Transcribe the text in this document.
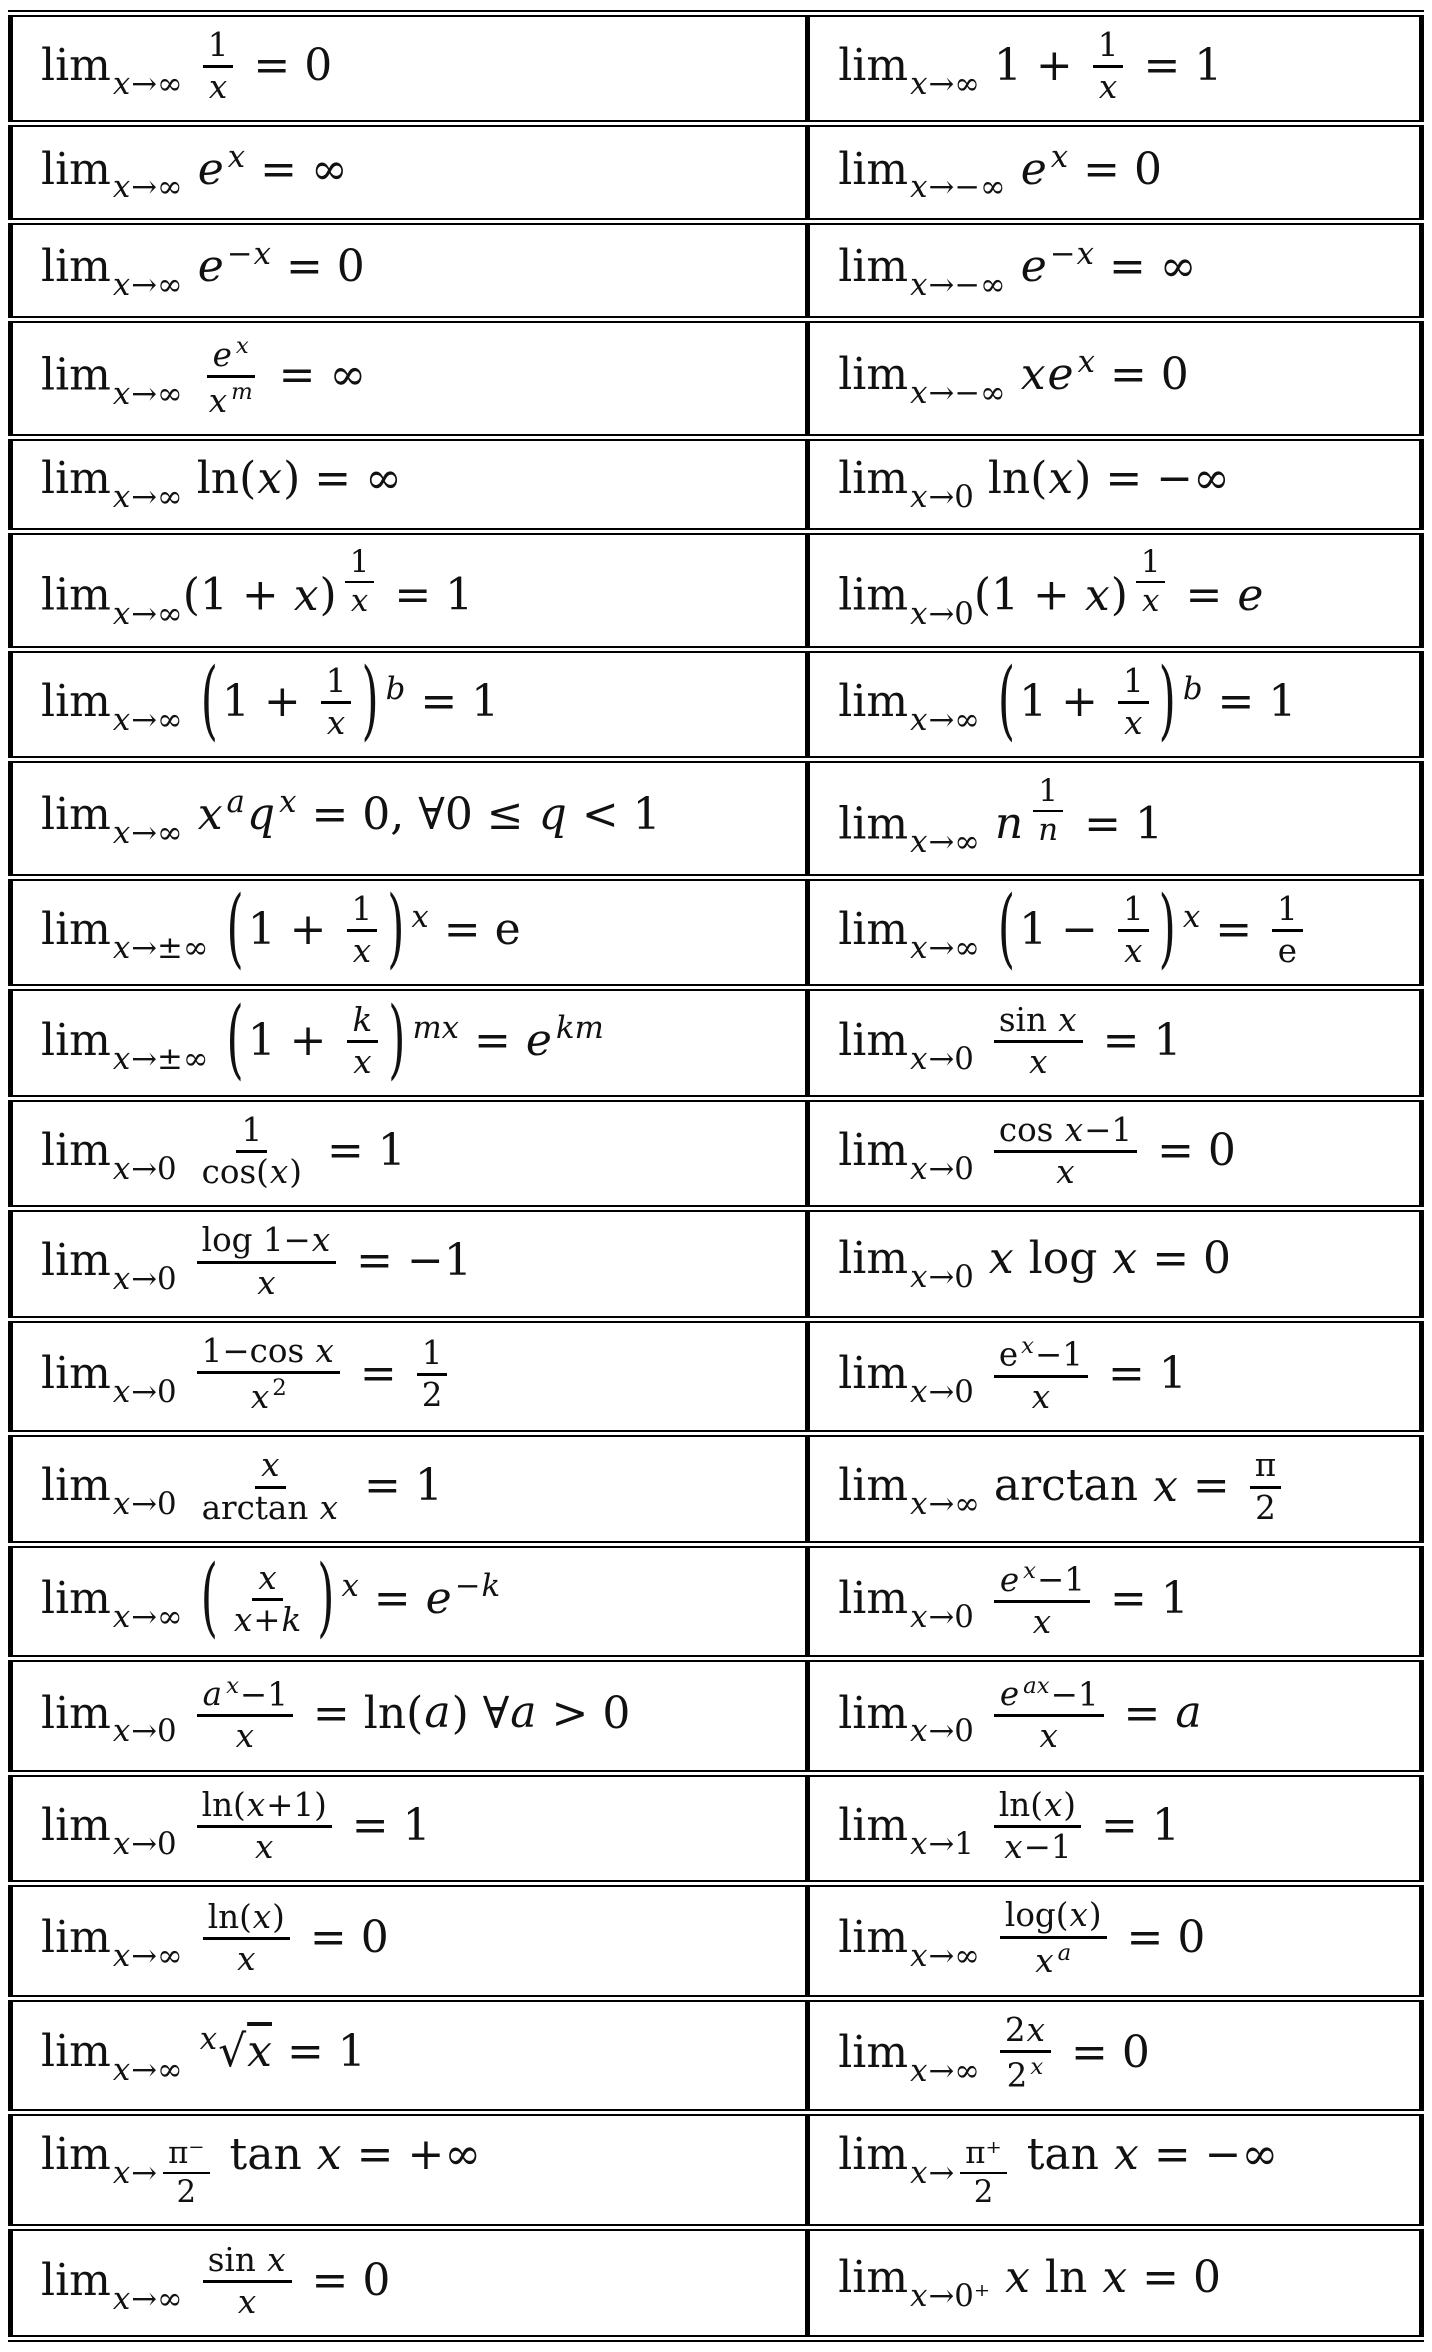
$\lim_{x\to\infty} \frac{1}{x} = 0$	$\lim_{x\to\infty} 1 + \frac{1}{x} = 1$
$\lim_{x\to\infty} e$ $^x$ = ∞	$\lim_{x\to-\infty} e$ $^x$ = 0
$\lim_{x\to\infty} e^{-x} = 0$	$\lim_{x\to-\infty} e^{-x}$ = ∞
$\lim_{x\to\infty} \frac{e ^x}{x ^m}$ = ∞	$\lim_{x\to-\infty}$ xe $^x$ = 0
$\lim_{x\to\infty} \ln(x)$ = ∞	$\lim_{x\to 0} \ln(x)$ = −∞
$\lim_{x\to\infty}(1 + x) ^{\frac{1}{x}} = 1$	$\lim_{x\to 0}(1 + x) ^{\frac{1}{x}} = e$
$\lim_{x\to\infty} (1 + \frac{1}{x}$ ) $^b$ = 1	$\lim_{x\to\infty} (1 + \frac{1}{x}$ ) $^b$ = 1
$\lim_{x\to\infty} x$ $^a$q $^x$ = 0, ∀0 ≤ q < 1	$\lim_{x\to\infty} n$ $^{\frac{1}{n}}$ = 1
$\lim_{x\to\pm\infty} (1 + \frac{1}{x}$ ) $^x$ = e	$\lim_{x\to\infty} (1 - \frac{1}{x}$ ) $^x = \frac{1}{e}$

$\lim_{x\to\pm\infty} (1 + \frac{k}{x}$ ) $^{mx}$ = e $^{km}$	$\lim_{x\to 0} \frac{\text{sin x}}{x} = 1$
$\lim_{x\to 0} \frac{1}{\cos(x)} = 1$	$\lim_{x\to 0} \frac{\text{cos x−1}}{x} = 0$
$\lim_{x\to 0} \frac{\log 1-x}{x} = -1$	$\lim_{x\to 0} x$ log x = 0
$\lim_{x\to 0} \frac{\text{1−cos x}}{x ^2} = \frac{1}{2}$	$\lim_{x\to 0} \frac{e ^x-1}{x} = 1$
$\lim_{x\to 0} \frac{x}{\text{arctan x}} = 1$	$\lim_{x\to\infty} \arctan x = \frac{\pi}{2}$

$\lim_{x\to\infty}$ ( $\frac{x}{x+k}$ ) $^x = e^{-k}$	$\lim_{x\to 0} \frac{e ^x-1}{x} = 1$
$\lim_{x\to 0} \frac{a ^x-1}{x} = \ln(a)$ ∀a > 0	$\lim_{x\to 0} \frac{e ^{ax}-1}{x} = a$
$\lim_{x\to 0} \frac{\ln(x+1)}{x} = 1$	$\lim_{x\to 1} \frac{\ln(x)}{x-1} = 1$
$\lim_{x\to\infty} \frac{\ln(x)}{x} = 0$	$\lim_{x\to\infty} \frac{\log(x)}{x ^a} = 0$
$\lim_{x\to\infty} ^x√x = 1$	$\lim_{x\to\infty} \frac{2x}{2 ^x} = 0$
$\lim_{x\to \frac{\pi^-}{2}} \tan x$ = +∞	$\lim_{x\to \frac{\pi^+}{2}} \tan x$ = −∞
$\lim_{x\to\infty} \frac{\text{sin x}}{x} = 0$	$\lim_{x\to 0^+} x$ ln x = 0
